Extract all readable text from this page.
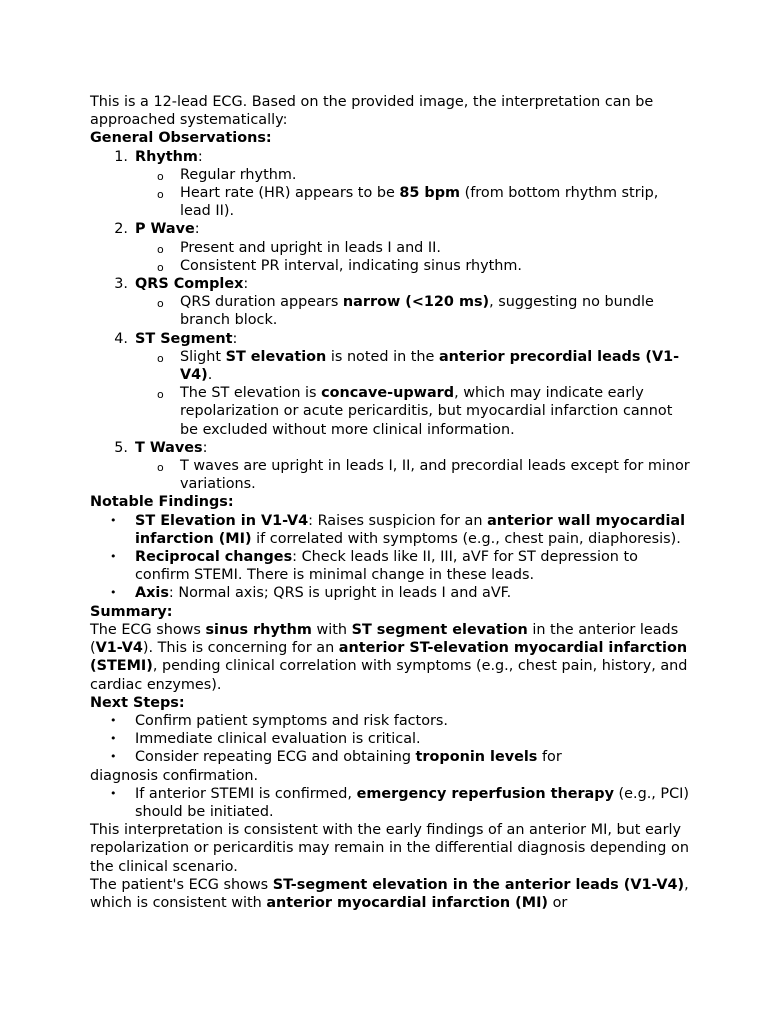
This is a 12-lead ECG. Based on the provided image, the interpretation can be approached systematically:

General Observations:

1. Rhythm:
o Regular rhythm.
o Heart rate (HR) appears to be 85 bpm (from bottom rhythm strip, lead II).
2. P Wave:
o Present and upright in leads I and II.
o Consistent PR interval, indicating sinus rhythm.
3. QRS Complex:
o QRS duration appears narrow (<120 ms), suggesting no bundle branch block.
4. ST Segment:
o Slight ST elevation is noted in the anterior precordial leads (V1-V4).
o The ST elevation is concave-upward, which may indicate early repolarization or acute pericarditis, but myocardial infarction cannot be excluded without more clinical information.
5. T Waves:
o T waves are upright in leads I, II, and precordial leads except for minor variations.

Notable Findings:

• ST Elevation in V1-V4: Raises suspicion for an anterior wall myocardial infarction (MI) if correlated with symptoms (e.g., chest pain, diaphoresis).
• Reciprocal changes: Check leads like II, III, aVF for ST depression to confirm STEMI. There is minimal change in these leads.
• Axis: Normal axis; QRS is upright in leads I and aVF.

Summary:

The ECG shows sinus rhythm with ST segment elevation in the anterior leads (V1-V4). This is concerning for an anterior ST-elevation myocardial infarction (STEMI), pending clinical correlation with symptoms (e.g., chest pain, history, and cardiac enzymes).

Next Steps:

• Confirm patient symptoms and risk factors.
• Immediate clinical evaluation is critical.
• Consider repeating ECG and obtaining troponin levels for
diagnosis confirmation.
• If anterior STEMI is confirmed, emergency reperfusion therapy (e.g., PCI) should be initiated.

This interpretation is consistent with the early findings of an anterior MI, but early repolarization or pericarditis may remain in the differential diagnosis depending on the clinical scenario.

The patient's ECG shows ST-segment elevation in the anterior leads (V1-V4), which is consistent with anterior myocardial infarction (MI) or
